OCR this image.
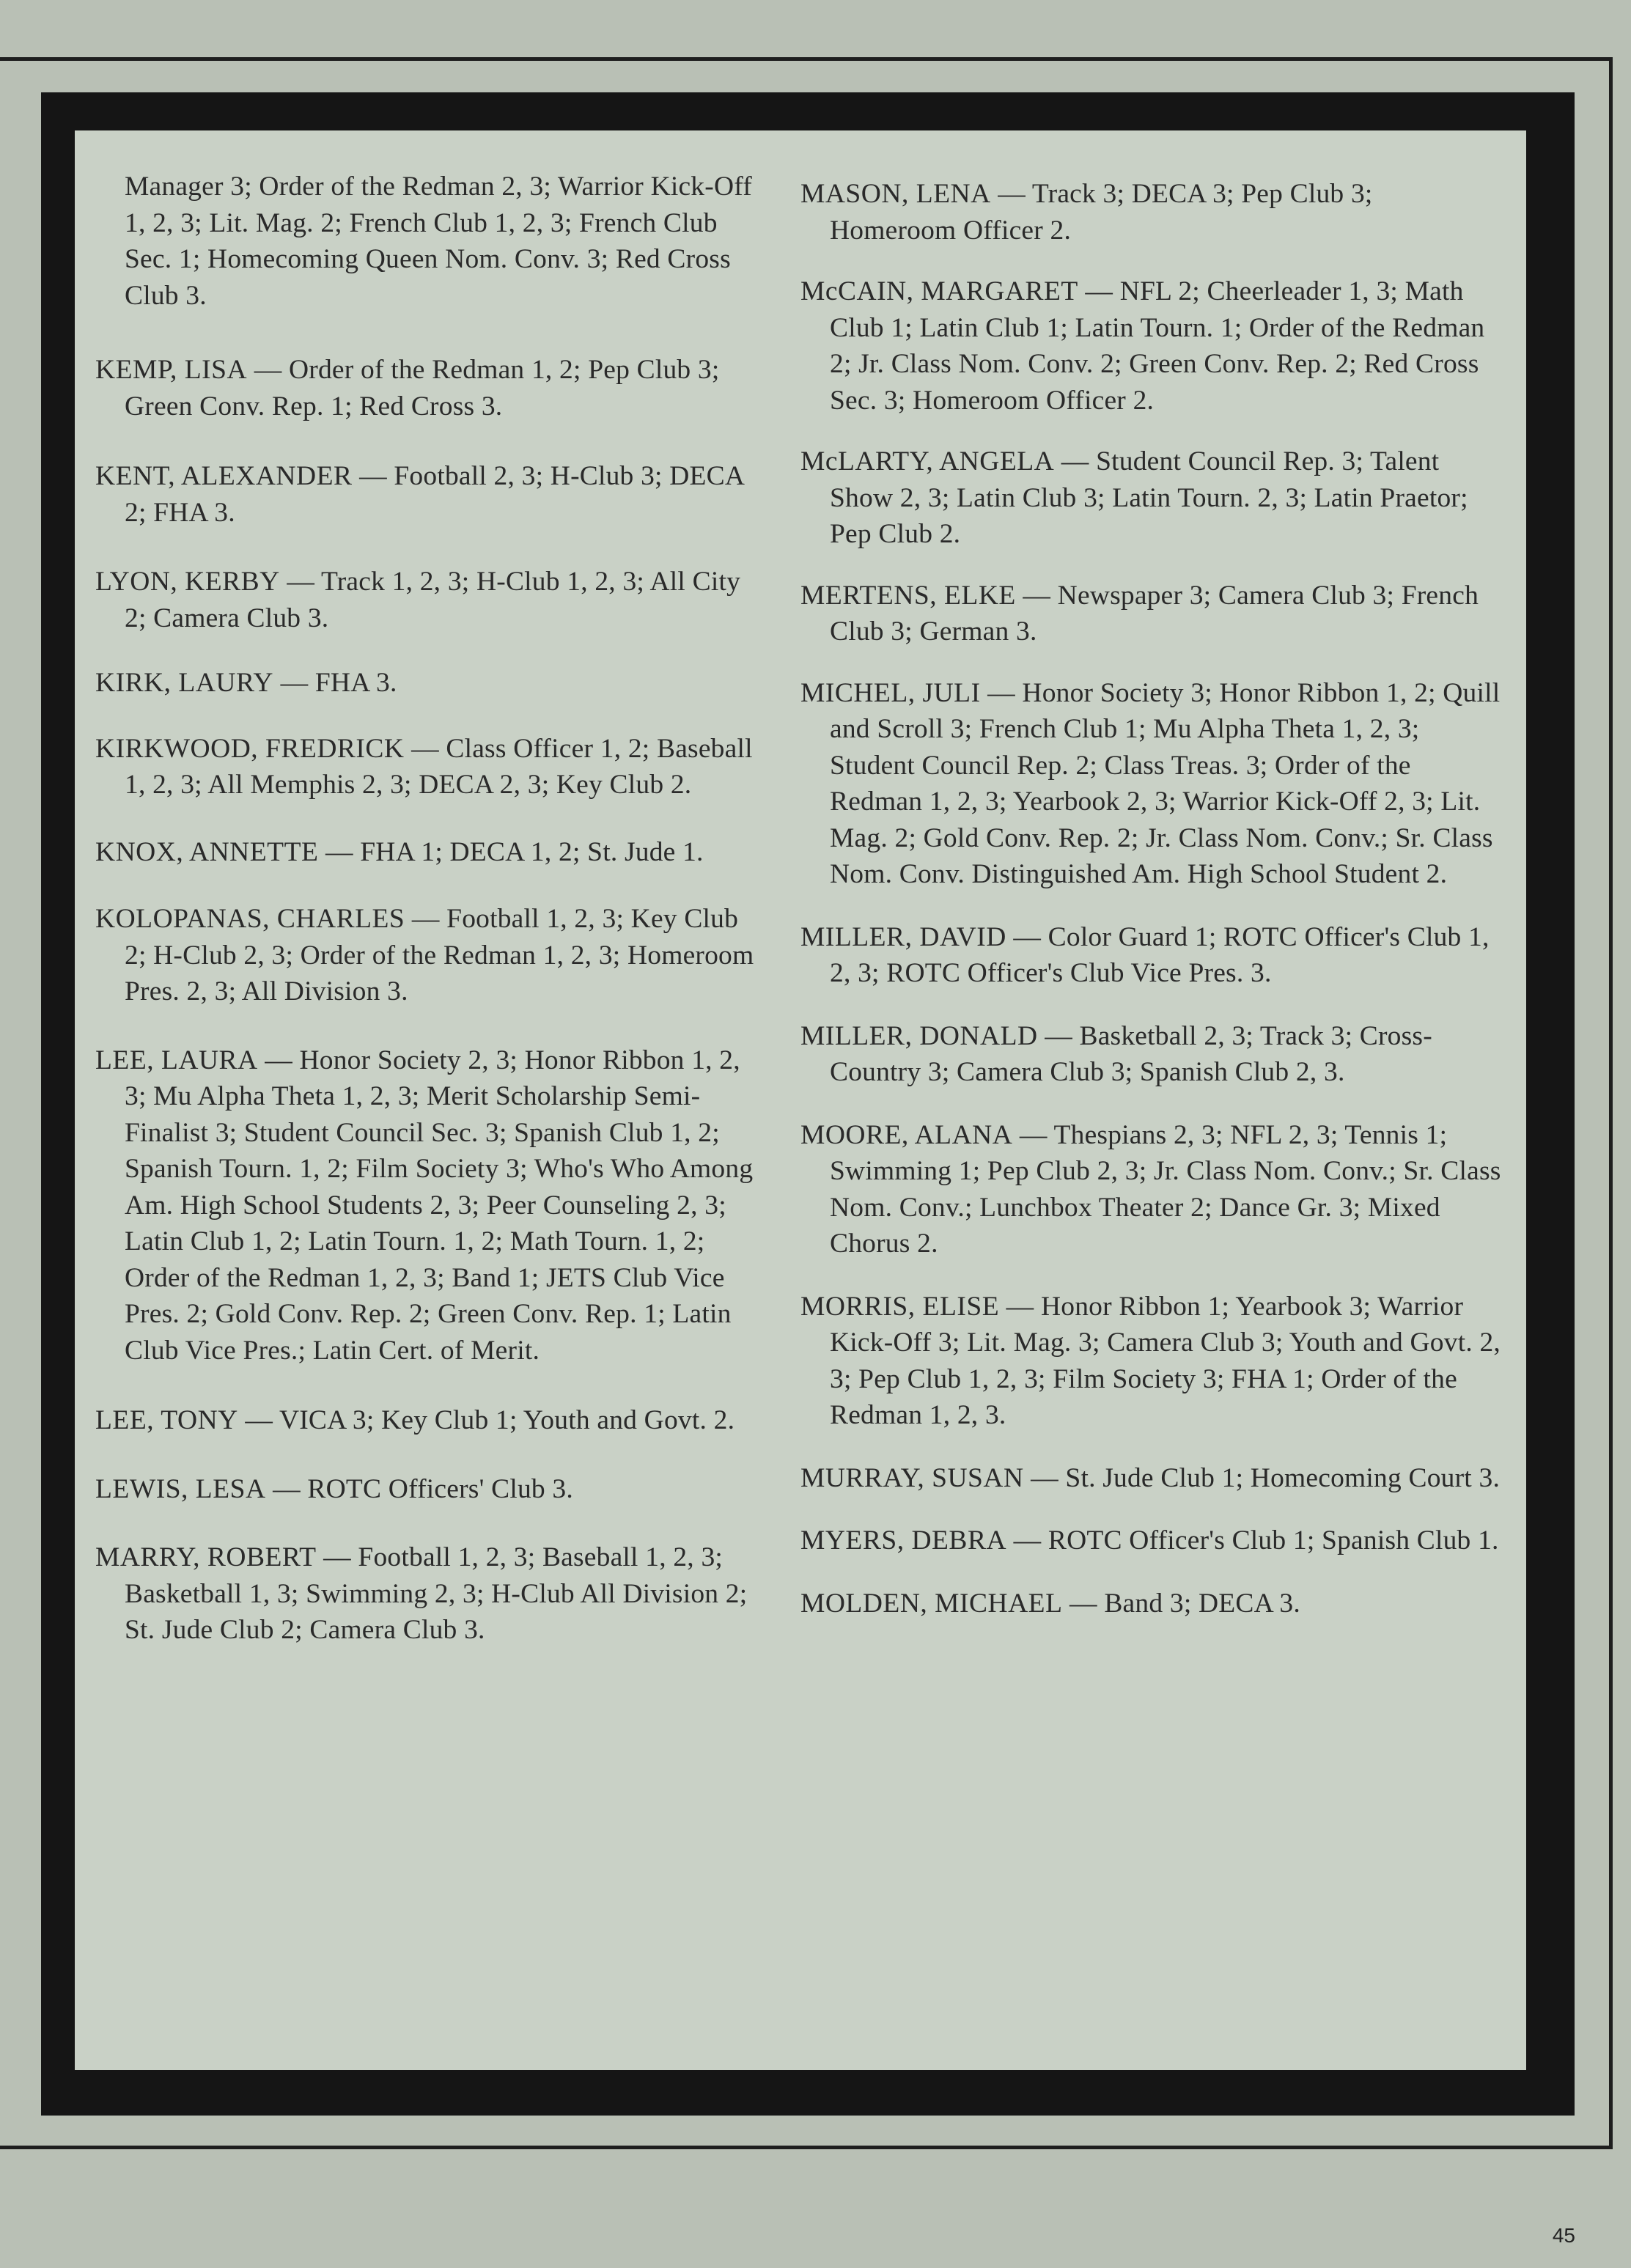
Manager 3; Order of the Redman 2, 3; Warrior Kick-Off 1, 2, 3; Lit. Mag. 2; French Club 1, 2, 3; French Club Sec. 1; Homecoming Queen Nom. Conv. 3; Red Cross Club 3.

KEMP, LISA — Order of the Redman 1, 2; Pep Club 3; Green Conv. Rep. 1; Red Cross 3.

KENT, ALEXANDER — Football 2, 3; H-Club 3; DECA 2; FHA 3.

LYON, KERBY — Track 1, 2, 3; H-Club 1, 2, 3; All City 2; Camera Club 3.

KIRK, LAURY — FHA 3.

KIRKWOOD, FREDRICK — Class Officer 1, 2; Baseball 1, 2, 3; All Memphis 2, 3; DECA 2, 3; Key Club 2.

KNOX, ANNETTE — FHA 1; DECA 1, 2; St. Jude 1.

KOLOPANAS, CHARLES — Football 1, 2, 3; Key Club 2; H-Club 2, 3; Order of the Redman 1, 2, 3; Homeroom Pres. 2, 3; All Division 3.

LEE, LAURA — Honor Society 2, 3; Honor Ribbon 1, 2, 3; Mu Alpha Theta 1, 2, 3; Merit Scholarship Semi-Finalist 3; Student Council Sec. 3; Spanish Club 1, 2; Spanish Tourn. 1, 2; Film Society 3; Who's Who Among Am. High School Students 2, 3; Peer Counseling 2, 3; Latin Club 1, 2; Latin Tourn. 1, 2; Math Tourn. 1, 2; Order of the Redman 1, 2, 3; Band 1; JETS Club Vice Pres. 2; Gold Conv. Rep. 2; Green Conv. Rep. 1; Latin Club Vice Pres.; Latin Cert. of Merit.

LEE, TONY — VICA 3; Key Club 1; Youth and Govt. 2.

LEWIS, LESA — ROTC Officers' Club 3.

MARRY, ROBERT — Football 1, 2, 3; Baseball 1, 2, 3; Basketball 1, 3; Swimming 2, 3; H-Club All Division 2; St. Jude Club 2; Camera Club 3.

MASON, LENA — Track 3; DECA 3; Pep Club 3; Homeroom Officer 2.

McCAIN, MARGARET — NFL 2; Cheerleader 1, 3; Math Club 1; Latin Club 1; Latin Tourn. 1; Order of the Redman 2; Jr. Class Nom. Conv. 2; Green Conv. Rep. 2; Red Cross Sec. 3; Homeroom Officer 2.

McLARTY, ANGELA — Student Council Rep. 3; Talent Show 2, 3; Latin Club 3; Latin Tourn. 2, 3; Latin Praetor; Pep Club 2.

MERTENS, ELKE — Newspaper 3; Camera Club 3; French Club 3; German 3.

MICHEL, JULI — Honor Society 3; Honor Ribbon 1, 2; Quill and Scroll 3; French Club 1; Mu Alpha Theta 1, 2, 3; Student Council Rep. 2; Class Treas. 3; Order of the Redman 1, 2, 3; Yearbook 2, 3; Warrior Kick-Off 2, 3; Lit. Mag. 2; Gold Conv. Rep. 2; Jr. Class Nom. Conv.; Sr. Class Nom. Conv. Distinguished Am. High School Student 2.

MILLER, DAVID — Color Guard 1; ROTC Officer's Club 1, 2, 3; ROTC Officer's Club Vice Pres. 3.

MILLER, DONALD — Basketball 2, 3; Track 3; Cross-Country 3; Camera Club 3; Spanish Club 2, 3.

MOORE, ALANA — Thespians 2, 3; NFL 2, 3; Tennis 1; Swimming 1; Pep Club 2, 3; Jr. Class Nom. Conv.; Sr. Class Nom. Conv.; Lunchbox Theater 2; Dance Gr. 3; Mixed Chorus 2.

MORRIS, ELISE — Honor Ribbon 1; Yearbook 3; Warrior Kick-Off 3; Lit. Mag. 3; Camera Club 3; Youth and Govt. 2, 3; Pep Club 1, 2, 3; Film Society 3; FHA 1; Order of the Redman 1, 2, 3.

MURRAY, SUSAN — St. Jude Club 1; Homecoming Court 3.

MYERS, DEBRA — ROTC Officer's Club 1; Spanish Club 1.

MOLDEN, MICHAEL — Band 3; DECA 3.

45
